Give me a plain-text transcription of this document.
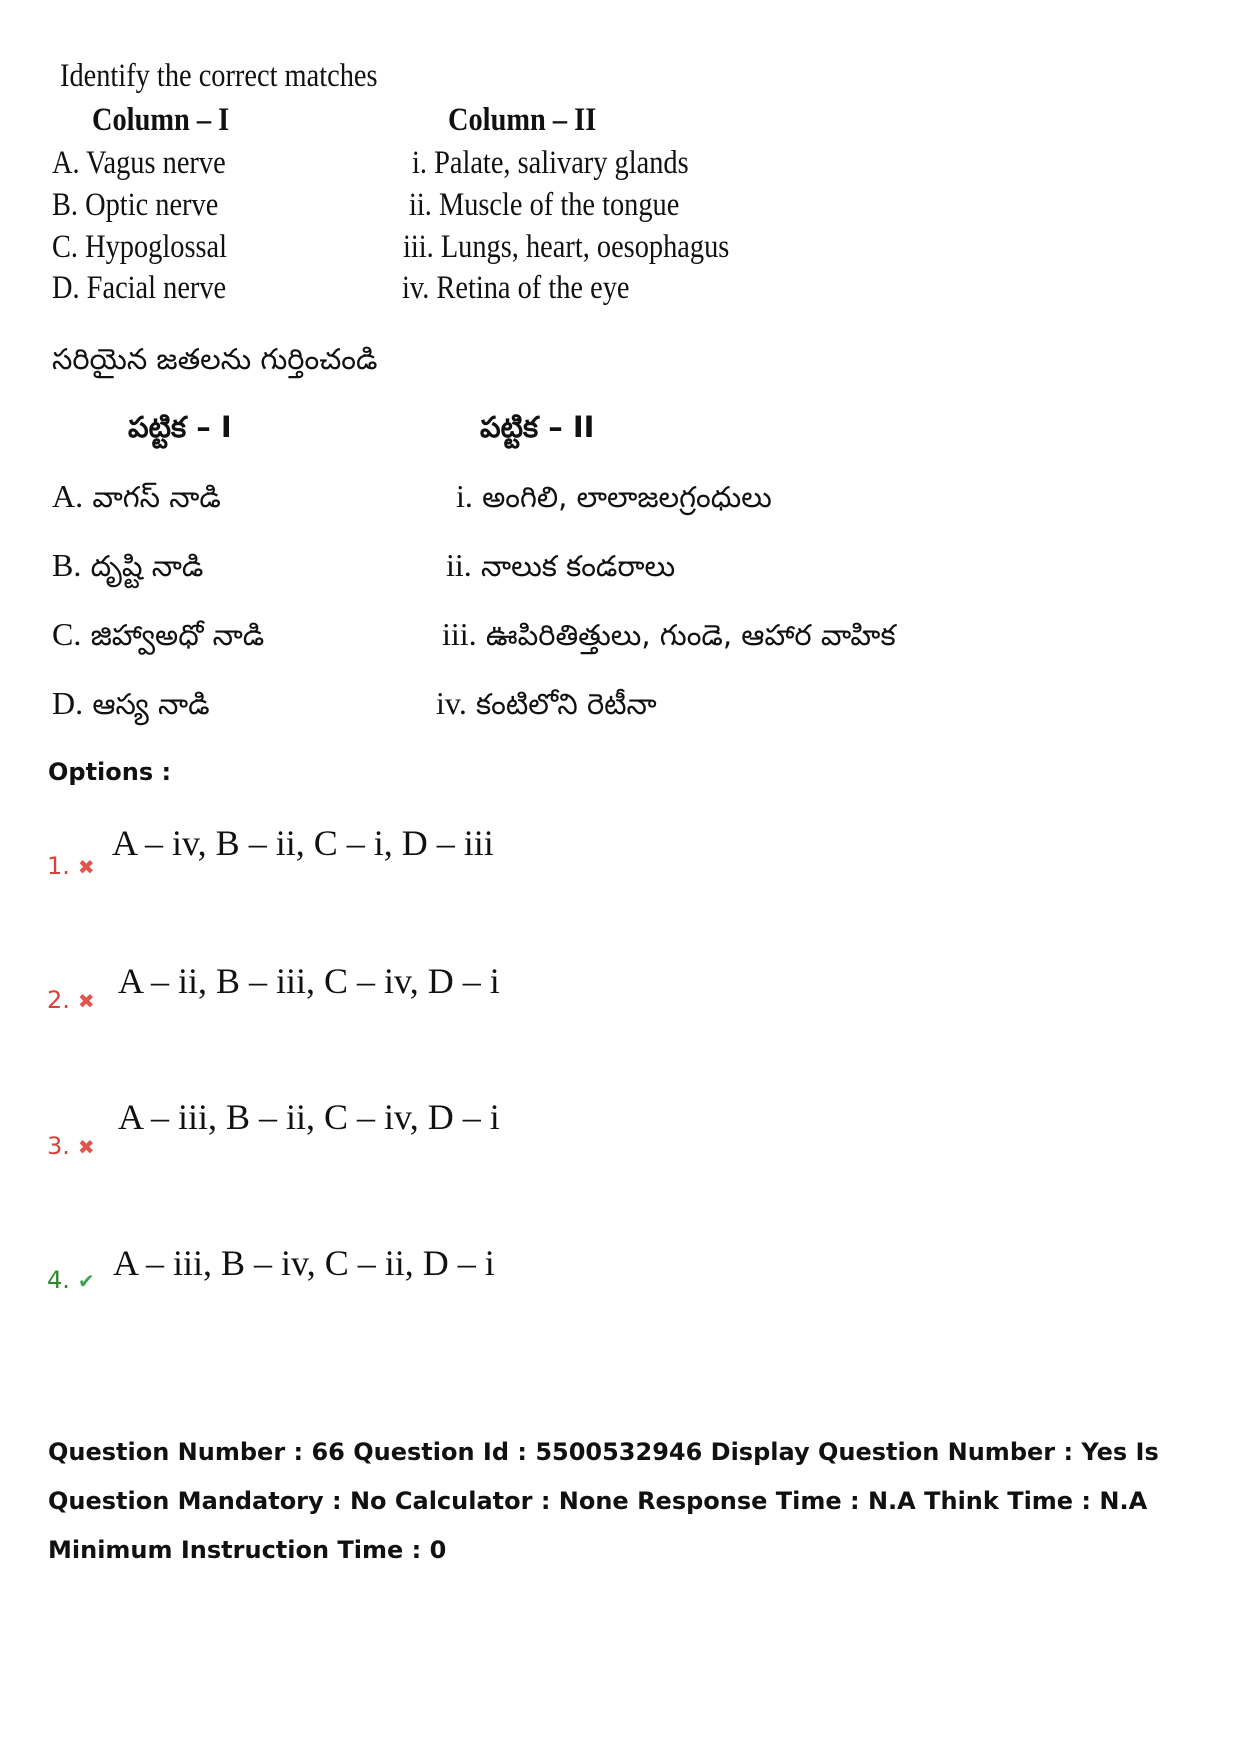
Identify the correct matches
Column – I	Column – II
A. Vagus nerve
B. Optic nerve
C. Hypoglossal
D. Facial nerve
i. Palate, salivary glands
ii. Muscle of the tongue
iii. Lungs, heart, oesophagus
iv. Retina of the eye
సరియైన జతలను గుర్తించండి
పట్టిక – I	పట్టిక – II
A. వాగస్ నాడి
B. దృష్టి నాడి
C. జిహ్వాఅధో నాడి
D. ఆస్య నాడి
i. అంగిలి, లాలాజలగ్రంధులు
ii. నాలుక కండరాలు
iii. ఊపిరితిత్తులు, గుండె, ఆహార వాహిక
iv. కంటిలోని రెటీనా
Options :
1. ✖
A – iv, B – ii, C – i, D – iii
2. ✖ A – ii, B – iii, C – iv, D – i
3. ✖
A – iii, B – ii, C – iv, D – i
4. ✔ A – iii, B – iv, C – ii, D – i
Question Number : 66 Question Id : 5500532946 Display Question Number : Yes Is Question Mandatory : No Calculator : None Response Time : N.A Think Time : N.A Minimum Instruction Time : 0
